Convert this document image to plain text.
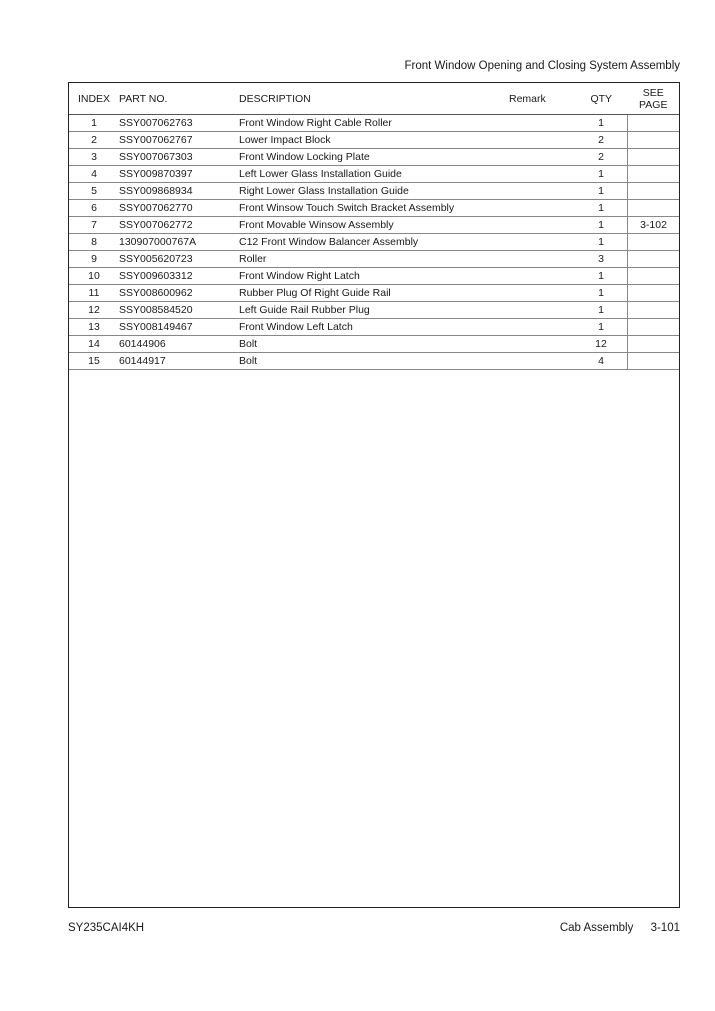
Front Window Opening and Closing System Assembly
INDEX	PART NO.	DESCRIPTION	Remark	QTY	SEE
PAGE

1	SSY007062763	Front Window Right Cable Roller		1	
2	SSY007062767	Lower Impact Block		2	
3	SSY007067303	Front Window Locking Plate		2	
4	SSY009870397	Left Lower Glass Installation Guide		1	
5	SSY009868934	Right Lower Glass Installation Guide		1	
6	SSY007062770	Front Winsow Touch Switch Bracket Assembly		1	
7	SSY007062772	Front Movable Winsow Assembly		1	3-102
8	130907000767A	C12 Front Window Balancer Assembly		1	
9	SSY005620723	Roller		3	
10	SSY009603312	Front Window Right Latch		1	
11	SSY008600962	Rubber Plug Of Right Guide Rail		1	
12	SSY008584520	Left Guide Rail Rubber Plug		1	
13	SSY008149467	Front Window Left Latch		1	
14	60144906	Bolt		12	
15	60144917	Bolt		4	
SY235CAI4KH	Cab Assembly 3-101
